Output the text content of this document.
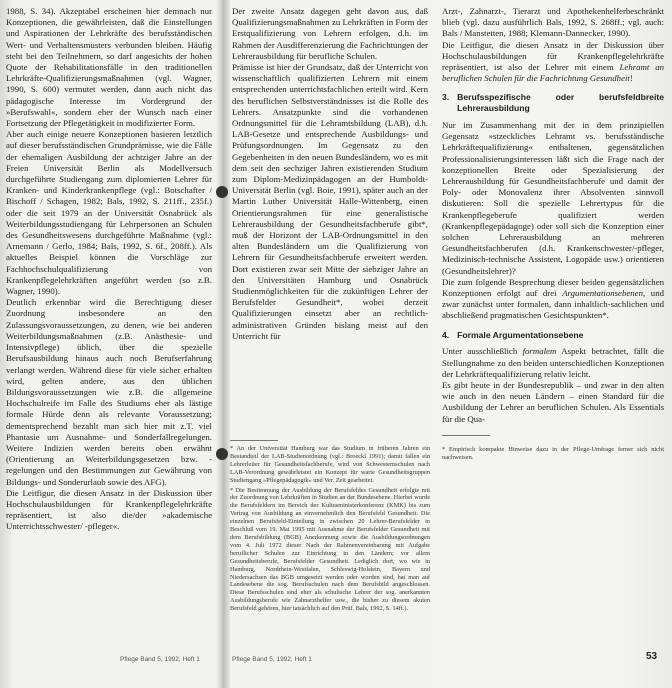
1988, S. 34). Akzeptabel erscheinen hier demnach nur Konzeptionen, die gewährleisten, daß die Einstellungen und Aspirationen der Lehrkräfte des berufsständischen Wert- und Verhaltensmusters verbunden bleiben. Häufig steht bei den Teilnehmern, so darf angesichts der hohen Quote der Rehabilitationsfälle in den traditionellen Lehrkräfte-Qualifizierungsmaßnahmen (vgl. Wagner, 1990, S. 600) vermutet werden, dann auch nicht das pädagogische Interesse im Vordergrund der »Berufswahl«, sondern eher der Wunsch nach einer Fortsetzung der Pflegetätigkeit in modifizierter Form.

Aber auch einige neuere Konzeptionen basieren letztlich auf dieser berufsständischen Grundprämisse, wie die Fälle der ehemaligen Ausbildung der achtziger Jahre an der Freien Universität Berlin als Modellversuch durchgeführte Studiengang zum diplomierten Lehrer für Kranken- und Kinderkrankenpflege (vgl.: Botschafter / Bischoff / Schagen, 1982; Bals, 1992, S. 211ff., 235f.) oder die seit 1979 an der Universität Osnabrück als Weiterbildungsstudiengang für Lehrpersonen an Schulen des Gesundheitswesens durchgeführte Maßnahme (vgl.: Arnemann / Gerlo, 1984; Bals, 1992, S. 6f., 208ff.). Als aktuelles Beispiel können die Vorschläge zur Fachhochschulqualifizierung von Krankenpflegelehrkräften angeführt werden (so z.B. Wagner, 1990).

Deutlich erkennbar wird die Berechtigung dieser Zuordnung insbesondere an den Zulassungsvoraussetzungen, zu denen, wie bei anderen Weiterbildungsmaßnahmen (z.B. Anästhesie- und Intensivpflege) üblich, über die spezielle Berufsausbildung hinaus auch noch Berufserfahrung verlangt werden. Während diese für viele sicher erhalten wird, gelten andere, aus den üblichen Bildungsvoraussetzungen wie z.B. die allgemeine Hochschulreife im Falle des Studiums eher als lästige formale Hürde denn als relevante Voraussetzung; dementsprechend bezahlt man sich hier mit z.T. viel Phantasie um Ausnahme- und Sonderfallregelungen. Weitere Indizien werden bereits oben erwähnt (Orientierung an Weiterbildungsgesetzen bzw. -regelungen und den Bestimmungen zur Gewährung von Bildungs- und Sonderurlaub sowie des AFG).

Die Leitfigur, die diesen Ansatz in der Diskussion über Hochschulausbildungen für Krankenpflegelehrkräfte repräsentiert, ist also die/der »akademische Unterrichtsschwester/ -pfleger«.

Der zweite Ansatz dagegen geht davon aus, daß Qualifizierungsmaßnahmen zu Lehrkräften in Form der Erstqualifizierung von Lehrern erfolgen, d.h. im Rahmen der Ausdifferenzierung die Fachrichtungen der Lehrerausbildung für berufliche Schulen.

Prämisse ist hier der Grundsatz, daß der Unterricht von wissenschaftlich qualifizierten Lehrern mit einem entsprechenden unterrichtsfachlichen erteilt wird. Kern des beruflichen Selbstverständnisses ist die Rolle des Lehrers. Ansatzpunkte sind die vorhandenen Ordnungsmittel für die Lehramtsbildung (LAB), d.h. LAB-Gesetze und entsprechende Ausbildungs- und Prüfungsordnungen. Im Gegensatz zu den Gegebenheiten in den neuen Bundesländern, wo es mit dem seit den sechziger Jahren existierenden Studium zum Diplom-Medizinpädagogen an der Humboldt-Universität Berlin (vgl. Boie, 1991), später auch an der Martin Luther Universität Halle-Wittenberg, einen Orientierungsrahmen für eine generalistische Lehrerausbildung der Gesundheitsfachberufe gibt*, muß der Horizont der LAB-Ordnungsmittel in den alten Bundesländern um die Qualifizierung von Lehrern für Gesundheitsfachberufe erweitert werden. Dort existieren zwar seit Mitte der siebziger Jahre an den Universitäten Hamburg und Osnabrück Studienmöglichkeiten für die zukünftigen Lehrer der Berufsfelder Gesundheit*, wobei derzeit Qualifizierungen einsetzt aber an rechtlich-administrativen Gründen bislang meist auf den Unterricht für

* An der Universität Hamburg war das Studium in früheren Jahren ein Bestandteil der LAB-Studienordnung (vgl.: Broeckl 1991); damit fallen ein Lehrerleiter für Gesundheitsfachberufe, wird von Schwesternschulen nach LAB-Verordnung gewährleistet ein Konzept für warte Gesundheitsgruppen Studiengang »Pflegepädagogik« und Ver. Zeit gearbeitet.

* Die Bestimmung der Ausbildung der Berufsfeldes Gesundheit erfolgte mit der Zuordnung von Lehrkräften in Studien an der Bundesebene. Hierbei wurde die Berufsfeldern im Bereich der Kultusministerkonferenz (KMK) bis zum Vertrag von Ausbildung an einvernehmlich den Berufsfeld Gesundheit. Die einzelnen Berufsfeld-Einteilung in zwischen 20 Lehrer-Berufsfelder in Beschluß vom 19. Mai 1995 mit Ausnahme der Berufsfelder Gesundheit mit dem Berufsbildung (BGB) Anerkennung sowie die Ausbildungsordnungen vom 4. Juli 1972 dieser Nach der Rahmenvereinbarung mit Aufgabe beruflicher Schulen zur Einrichtung in den Ländern; vor allem Gesundheitsberufe, Berufsfelder Gesundheit. Lediglich dort, wo wie in Hamburg, Nordrhein-Westfalen, Schleswig-Holstein, Bayern und Niedersachsen das BGB umgesetzt werden oder worden sind, hat man auf Landesebene die sog. Berufsschulen nach dem Berufsbild angeschlossen. Diese Berufsschulen sind eher als schulische Lehrer der sog. anerkannten Ausbildungsberufe wie Zahnarzthelfer usw., die bisher zu diesem akuten Berufsfeld gehören, hier tatsächlich auf den Prüf. Bals, 1992, S. 14ff.).

Arzt-, Zahnarzt-, Tierarzt und Apothekenhelferbeschränkt blieb (vgl. dazu ausführlich Bals, 1992, S. 268ff.; vgl. auch: Bals / Manstetten, 1988; Klemann-Dannecker, 1990).

Die Leitfigur, die diesen Ansatz in der Diskussion über Hochschulausbildungen für Krankenpflegelehrkräfte repräsentiert, ist also der Lehrer mit einem Lehramt an beruflichen Schulen für die Fachrichtung Gesundheit!

3. Berufsspezifische oder berufsfeldbreite Lehrerausbildung

Nur im Zusammenhang mit der in dem prinzipiellen Gegensatz »stzeckliches Lehramt vs. berufsständische Lehrkräftequalifizierung« enthaltenen, gegensätzlichen Professionalisierungsinteressen läßt sich die Frage nach der konzeptionellen Breite oder Spezialisierung der Lehrerausbildung für Gesundheitsfachberufe und damit der Poly- oder Monovalenz ihrer Absolventen sinnvoll diskutieren: Soll die spezielle Lehrertypus für die Krankenpflegeberufe qualifiziert werden (Krankenpflegepädagoge) oder soll sich die Konzeption einer solchen Lehrerausbildung an mehreren Gesundheitsfachberufen (d.h. Krankenschwester/-pfleger, Medizinisch-technische Assistent, Logopäde usw.) orientieren (Gesundheitslehrer)?

Die zum folgende Besprechung dieser beiden gegensätzlichen Konzeptionen erfolgt auf drei Argumentationsebenen, und zwar zunächst unter formalen, dann inhaltlich-sachlichen und abschließend pragmatischen Gesichtspunkten*.

4. Formale Argumentationsebene

Unter ausschließlich formalem Aspekt betrachtet, fällt die Stellungnahme zu den beiden unterschiedlichen Konzeptionen der Lehrkräftequalifizierung relativ leicht.

Es gibt heute in der Bundesrepublik – und zwar in den alten wie auch in den neuen Ländern – einen Standard für die Ausbildung der Lehrer an beruflichen Schulen. Als Essentials für die Qua-

* Empirisch kompakte Hinweise dazu in der Pflege-Umfrage ferner sich nicht nachweisen.

Pflege Band 5, 1992, Heft 1	Pflege Band 5, 1992, Heft 1	53
